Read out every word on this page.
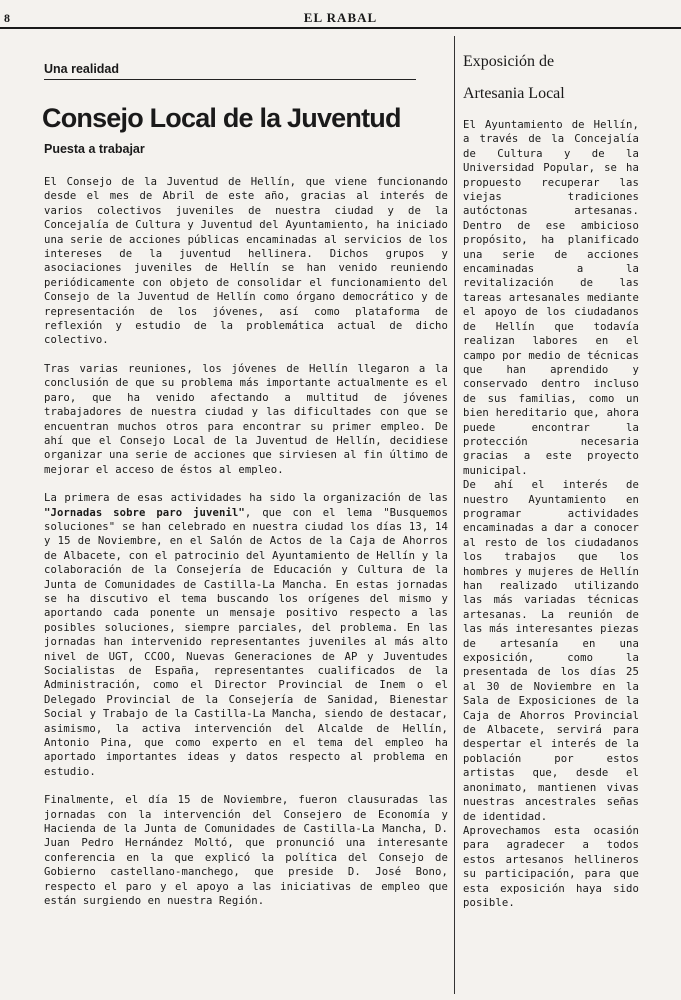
8	EL RABAL
Una realidad
Consejo Local de la Juventud
Puesta a trabajar

El Consejo de la Juventud de Hellín, que viene funcionando desde el mes de Abril de este año, gracias al interés de varios colectivos juveniles de nuestra ciudad y de la Concejalía de Cultura y Juventud del Ayuntamiento, ha iniciado una serie de acciones públicas encaminadas al servicios de los intereses de la juventud hellinera. Dichos grupos y asociaciones juveniles de Hellín se han venido reuniendo periódicamente con objeto de consolidar el funcionamiento del Consejo de la Juventud de Hellín como órgano democrático y de representación de los jóvenes, así como plataforma de reflexión y estudio de la problemática actual de dicho colectivo.

Tras varias reuniones, los jóvenes de Hellín llegaron a la conclusión de que su problema más importante actualmente es el paro, que ha venido afectando a multitud de jóvenes trabajadores de nuestra ciudad y las dificultades con que se encuentran muchos otros para encontrar su primer empleo. De ahí que el Consejo Local de la Juventud de Hellín, decidiese organizar una serie de acciones que sirviesen al fin último de mejorar el acceso de éstos al empleo.

La primera de esas actividades ha sido la organización de las "Jornadas sobre paro juvenil", que con el lema "Busquemos soluciones" se han celebrado en nuestra ciudad los días 13, 14 y 15 de Noviembre, en el Salón de Actos de la Caja de Ahorros de Albacete, con el patrocinio del Ayuntamiento de Hellín y la colaboración de la Consejería de Educación y Cultura de la Junta de Comunidades de Castilla-La Mancha. En estas jornadas se ha discutivo el tema buscando los orígenes del mismo y aportando cada ponente un mensaje positivo respecto a las posibles soluciones, siempre parciales, del problema. En las jornadas han intervenido representantes juveniles al más alto nivel de UGT, CCOO, Nuevas Generaciones de AP y Juventudes Socialistas de España, representantes cualificados de la Administración, como el Director Provincial de Inem o el Delegado Provincial de la Consejería de Sanidad, Bienestar Social y Trabajo de la Castilla-La Mancha, siendo de destacar, asimismo, la activa intervención del Alcalde de Hellín, Antonio Pina, que como experto en el tema del empleo ha aportado importantes ideas y datos respecto al problema en estudio.

Finalmente, el día 15 de Noviembre, fueron clausuradas las jornadas con la intervención del Consejero de Economía y Hacienda de la Junta de Comunidades de Castilla-La Mancha, D. Juan Pedro Hernández Moltó, que pronunció una interesante conferencia en la que explicó la política del Consejo de Gobierno castellano-manchego, que preside D. José Bono, respecto el paro y el apoyo a las iniciativas de empleo que están surgiendo en nuestra Región.

Exposición de
Artesania Local

El Ayuntamiento de Hellín, a través de la Concejalía de Cultura y de la Universidad Popular, se ha propuesto recuperar las viejas tradiciones autóctonas artesanas. Dentro de ese ambicioso propósito, ha planificado una serie de acciones encaminadas a la revitalización de las tareas artesanales mediante el apoyo de los ciudadanos de Hellín que todavía realizan labores en el campo por medio de técnicas que han aprendido y conservado dentro incluso de sus familias, como un bien hereditario que, ahora puede encontrar la protección necesaria gracias a este proyecto municipal.

De ahí el interés de nuestro Ayuntamiento en programar actividades encaminadas a dar a conocer al resto de los ciudadanos los trabajos que los hombres y mujeres de Hellín han realizado utilizando las más variadas técnicas artesanas. La reunión de las más interesantes piezas de artesanía en una exposición, como la presentada de los días 25 al 30 de Noviembre en la Sala de Exposiciones de la Caja de Ahorros Provincial de Albacete, servirá para despertar el interés de la población por estos artistas que, desde el anonimato, mantienen vivas nuestras ancestrales señas de identidad.

Aprovechamos esta ocasión para agradecer a todos estos artesanos hellineros su participación, para que esta exposición haya sido posible.
